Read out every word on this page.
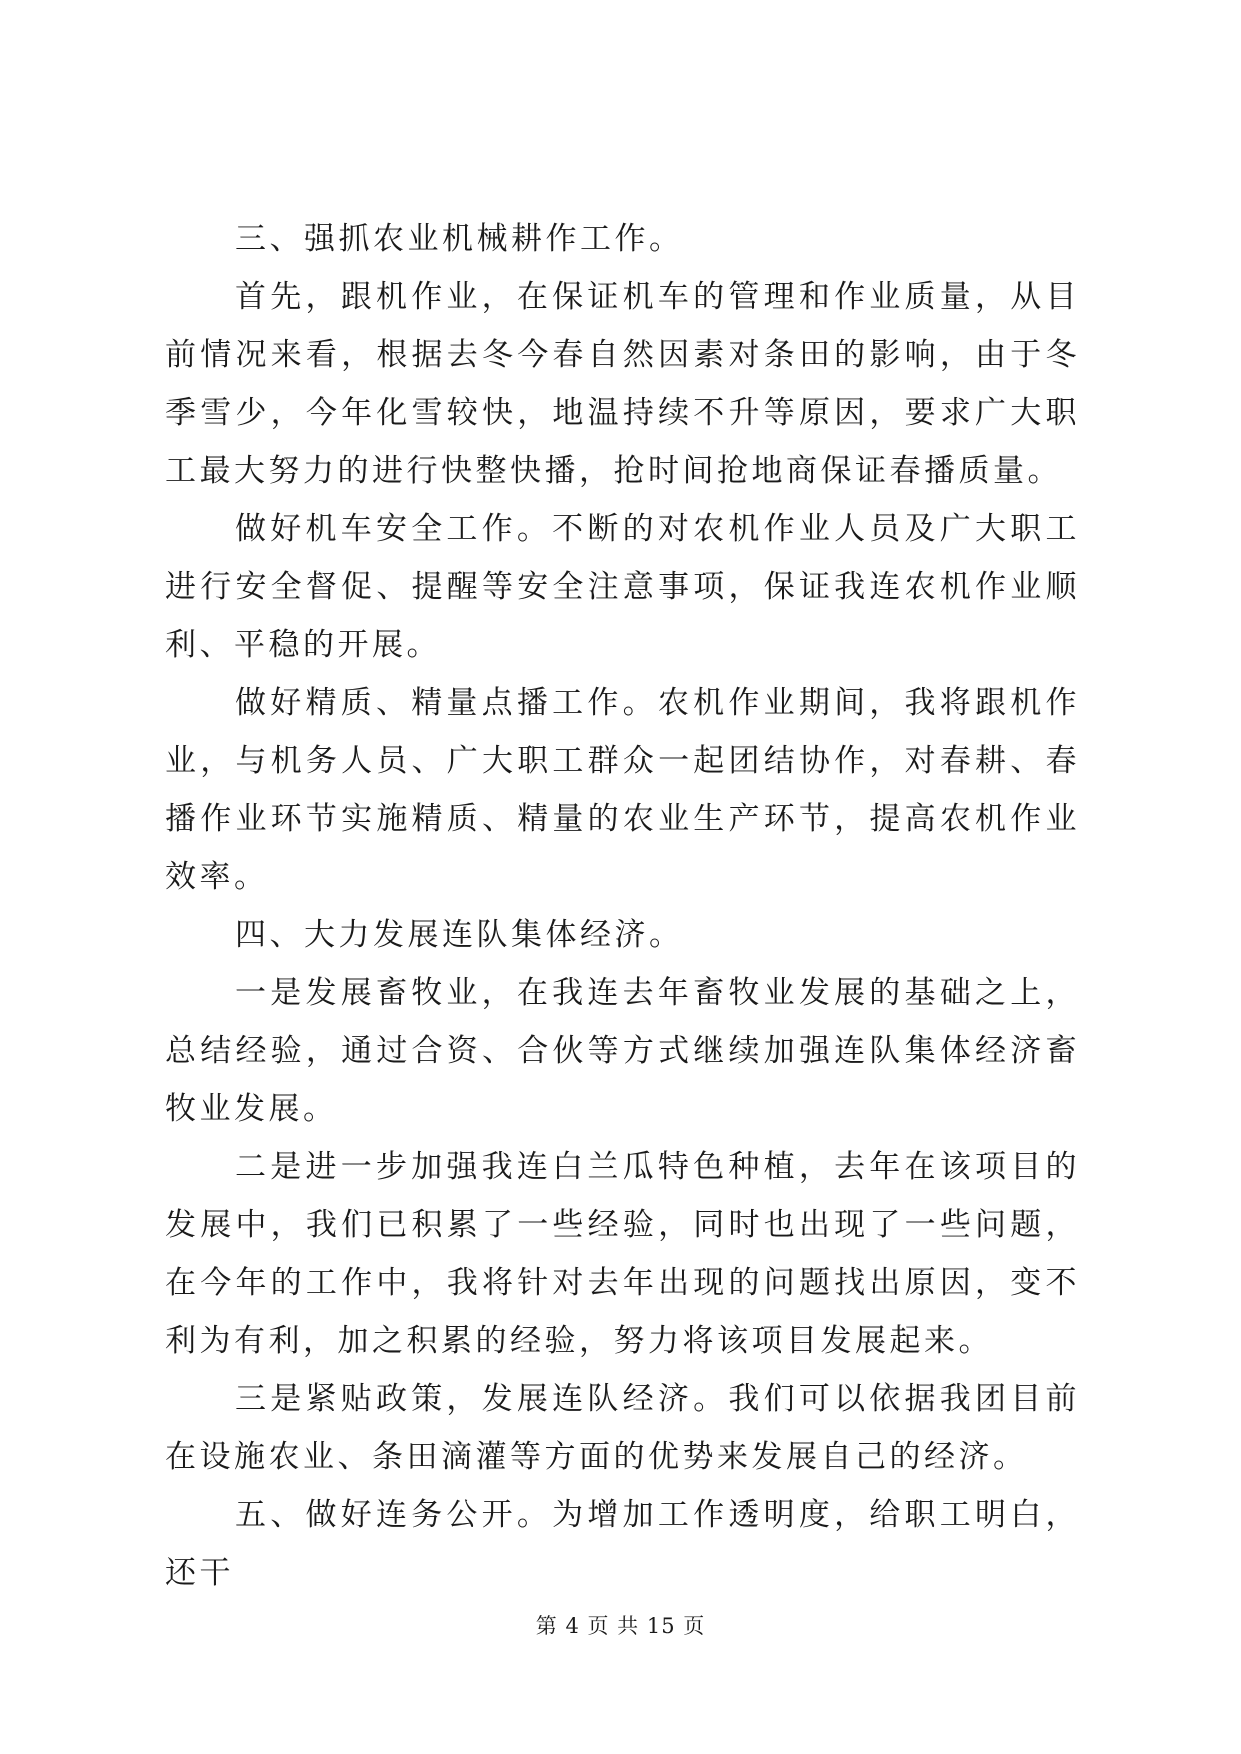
三、强抓农业机械耕作工作。

首先，跟机作业，在保证机车的管理和作业质量，从目前情况来看，根据去冬今春自然因素对条田的影响，由于冬季雪少，今年化雪较快，地温持续不升等原因，要求广大职工最大努力的进行快整快播，抢时间抢地商保证春播质量。

做好机车安全工作。不断的对农机作业人员及广大职工进行安全督促、提醒等安全注意事项，保证我连农机作业顺利、平稳的开展。

做好精质、精量点播工作。农机作业期间，我将跟机作业，与机务人员、广大职工群众一起团结协作，对春耕、春播作业环节实施精质、精量的农业生产环节，提高农机作业效率。

四、大力发展连队集体经济。

一是发展畜牧业，在我连去年畜牧业发展的基础之上，总结经验，通过合资、合伙等方式继续加强连队集体经济畜牧业发展。

二是进一步加强我连白兰瓜特色种植，去年在该项目的发展中，我们已积累了一些经验，同时也出现了一些问题，在今年的工作中，我将针对去年出现的问题找出原因，变不利为有利，加之积累的经验，努力将该项目发展起来。

三是紧贴政策，发展连队经济。我们可以依据我团目前在设施农业、条田滴灌等方面的优势来发展自己的经济。

五、做好连务公开。为增加工作透明度，给职工明白，还干

第 4 页 共 15 页
